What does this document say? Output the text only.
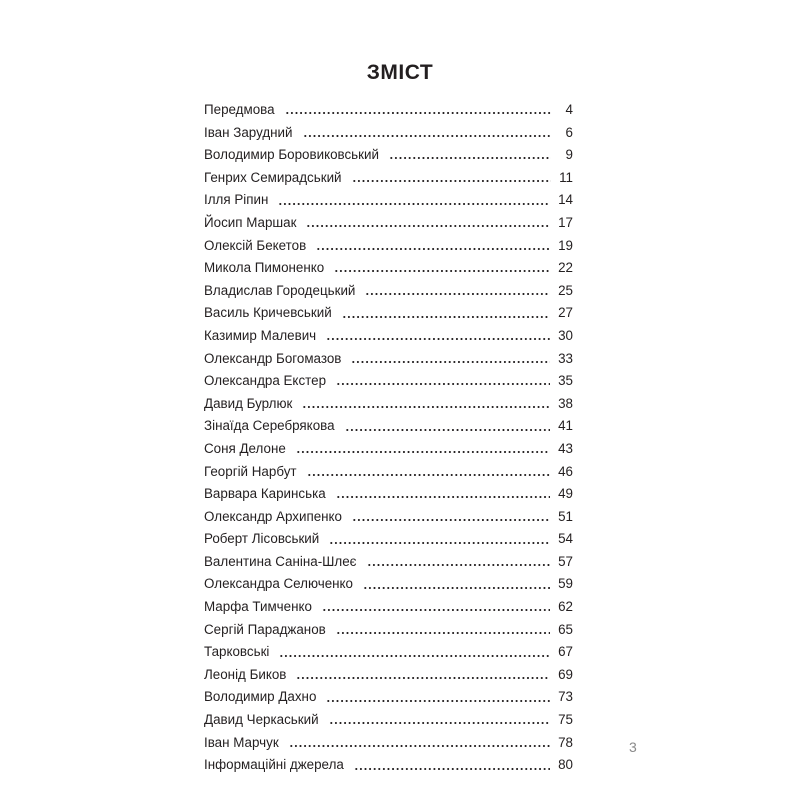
ЗМІСТ
Передмова	4
Іван Зарудний	6
Володимир Боровиковський	9
Генрих Семирадський	11
Ілля Рiпин	14
Йосип Маршак	17
Олексій Бекетов	19
Микола Пимоненко	22
Владислав Городецький	25
Василь Кричевський	27
Казимир Малевич	30
Олександр Богомазов	33
Олександра Екстер	35
Давид Бурлюк	38
Зінаїда Серебрякова	41
Соня Делоне	43
Георгій Нарбут	46
Варвара Каринська	49
Олександр Архипенко	51
Роберт Лісовський	54
Валентина Саніна-Шлеє	57
Олександра Селюченко	59
Марфа Тимченко	62
Сергій Параджанов	65
Тарковські	67
Леонід Биков	69
Володимир Дахно	73
Давид Черкаський	75
Іван Марчук	78
Інформаційні джерела	80
3
